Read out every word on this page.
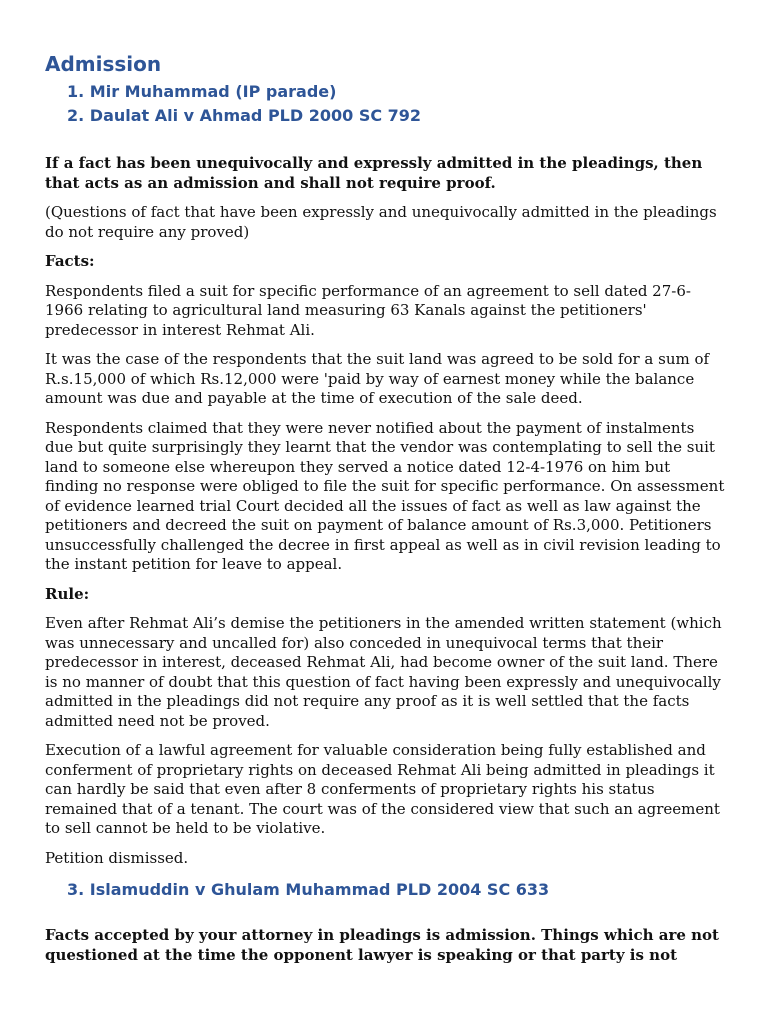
Admission
1. Mir Muhammad (IP parade)
2. Daulat Ali v Ahmad PLD 2000 SC 792

If a fact has been unequivocally and expressly admitted in the pleadings, then that acts as an admission and shall not require proof.

(Questions of fact that have been expressly and unequivocally admitted in the pleadings do not require any proved)

Facts:

Respondents filed a suit for specific performance of an agreement to sell dated 27-6-1966 relating to agricultural land measuring 63 Kanals against the petitioners' predecessor in interest Rehmat Ali.

It was the case of the respondents that the suit land was agreed to be sold for a sum of R.s.15,000 of which Rs.12,000 were 'paid by way of earnest money while the balance amount was due and payable at the time of execution of the sale deed.

Respondents claimed that they were never notified about the payment of instalments due but quite surprisingly they learnt that the vendor was contemplating to sell the suit land to someone else whereupon they served a notice dated 12-4-1976 on him but finding no response were obliged to file the suit for specific performance. On assessment of evidence learned trial Court decided all the issues of fact as well as law against the petitioners and decreed the suit on payment of balance amount of Rs.3,000. Petitioners unsuccessfully challenged the decree in first appeal as well as in civil revision leading to the instant petition for leave to appeal.

Rule:

Even after Rehmat Ali’s demise the petitioners in the amended written statement (which was unnecessary and uncalled for) also conceded in unequivocal terms that their predecessor in interest, deceased Rehmat Ali, had become owner of the suit land. There is no manner of doubt that this question of fact having been expressly and unequivocally admitted in the pleadings did not require any proof as it is well settled that the facts admitted need not be proved.

Execution of a lawful agreement for valuable consideration being fully established and conferment of proprietary rights on deceased Rehmat Ali being admitted in pleadings it can hardly be said that even after 8 conferments of proprietary rights his status remained that of a tenant. The court was of the considered view that such an agreement to sell cannot be held to be violative.

Petition dismissed.

3. Islamuddin v Ghulam Muhammad PLD 2004 SC 633

Facts accepted by your attorney in pleadings is admission. Things which are not questioned at the time the opponent lawyer is speaking or that party is not
